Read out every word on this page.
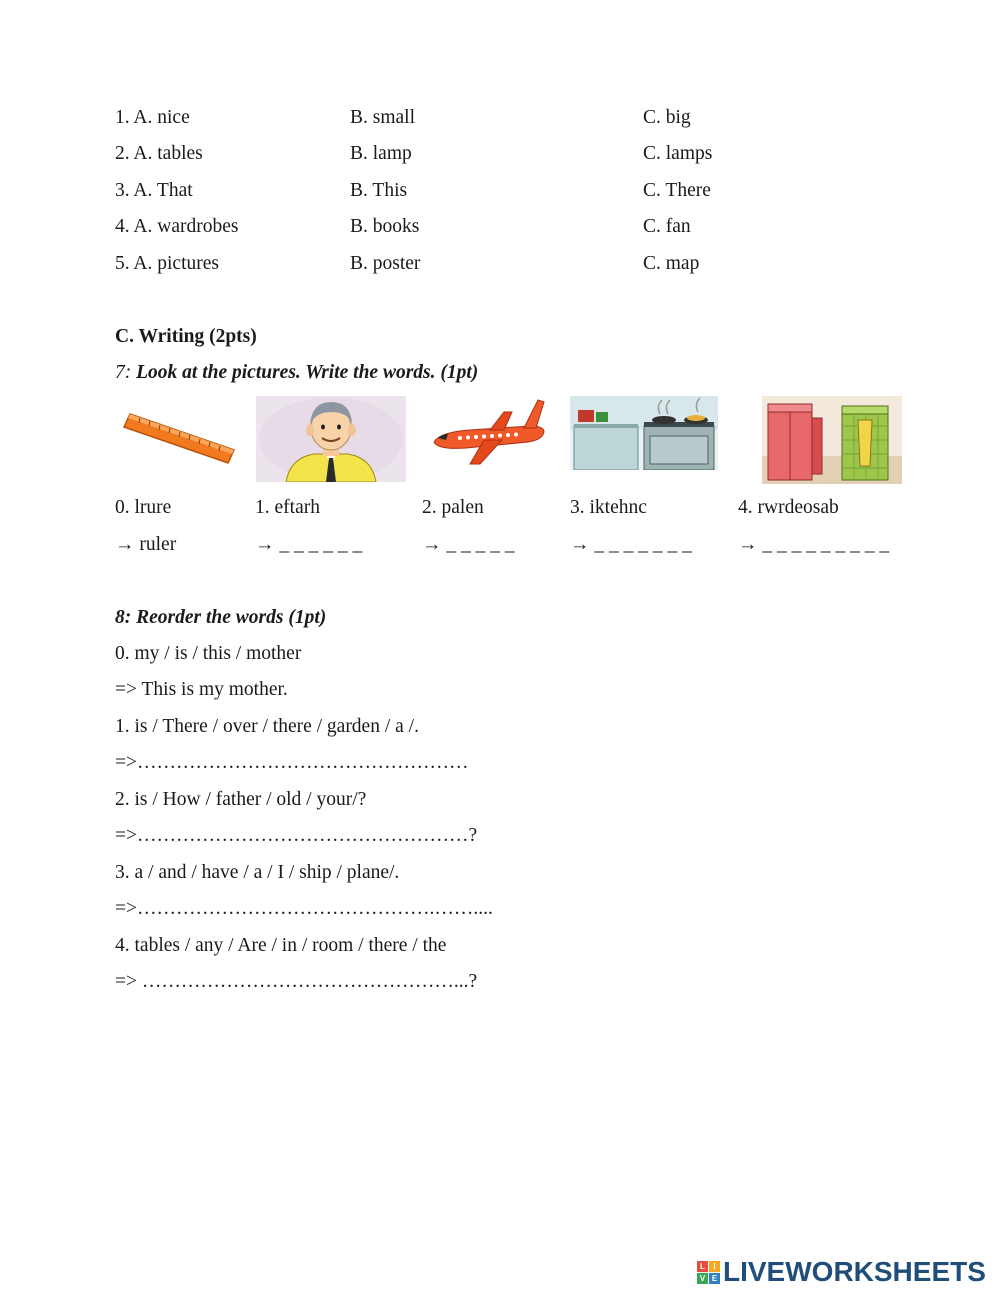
1. A. nice	B. small	C. big
2. A. tables	B. lamp	C. lamps
3. A. That	B. This	C. There
4. A. wardrobes	B. books	C. fan
5. A. pictures	B. poster	C. map
C. Writing (2pts)
7: Look at the pictures. Write the words. (1pt)
0. lrure	1. eftarh	2. palen	3. iktehnc	4. rwrdeosab
→ ruler	→ _ _ _ _ _ _	→ _ _ _ _ _	→ _ _ _ _ _ _ _ → _ _ _ _ _ _ _ _ _
8: Reorder the words (1pt)
0. my / is / this / mother
=> This is my mother.
1. is / There / over / there / garden / a /.
=>……………………………………………
2. is / How / father / old / your/?
=>……………………………………………?
3. a / and / have / a / I / ship / plane/.
=>……………………………………….……....
4. tables / any / Are / in / room / there / the
=> …………………………………………...?
L	I
V E LIVEWORKSHEETS
